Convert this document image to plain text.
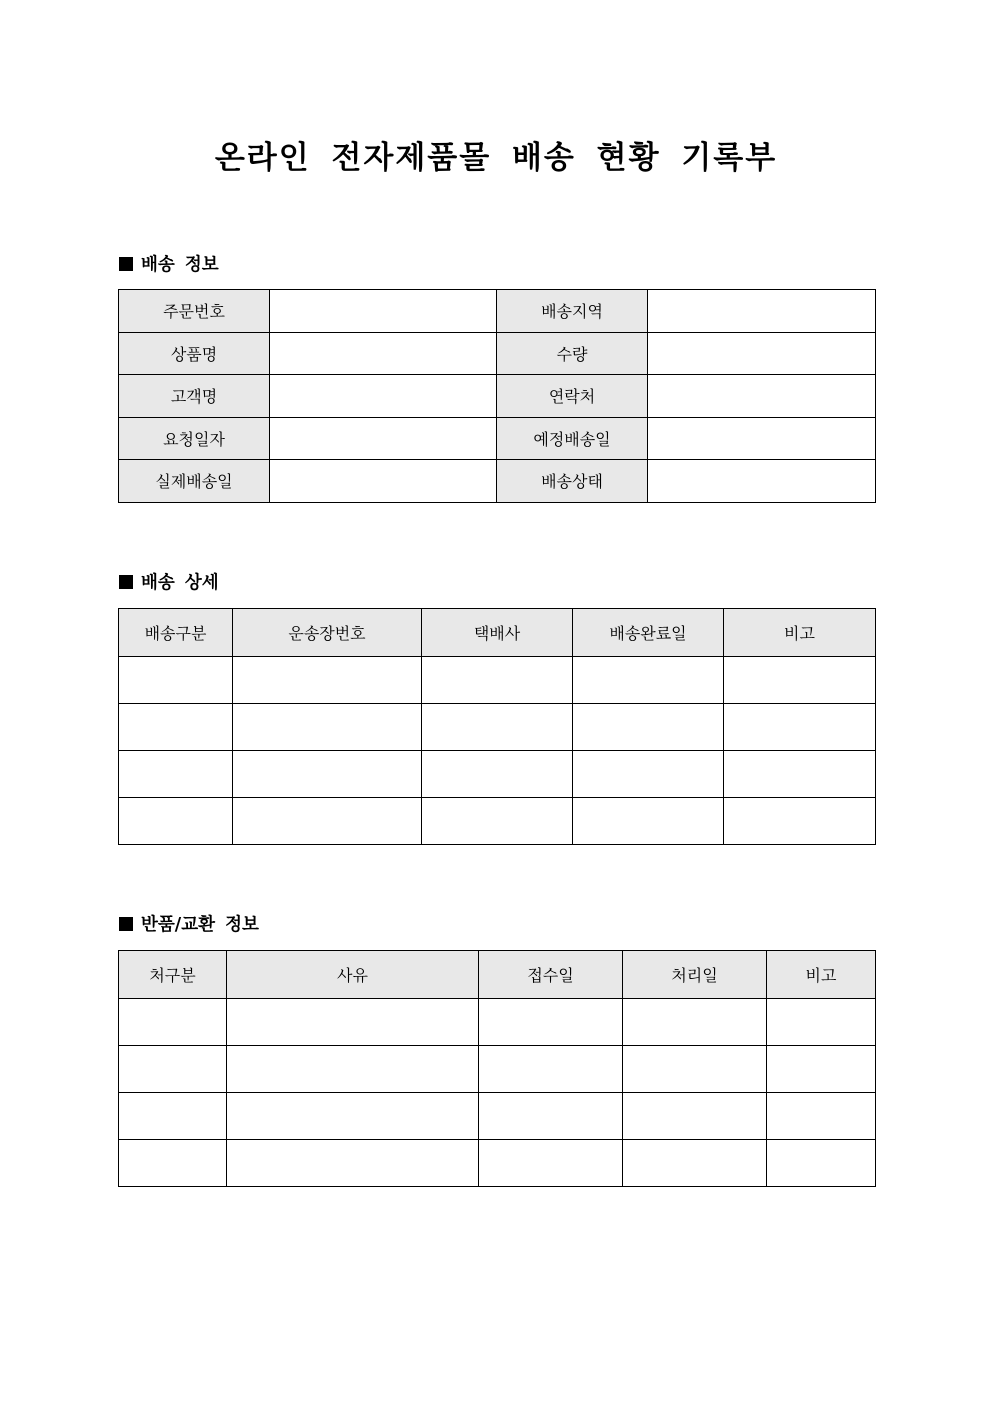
온라인 전자제품몰 배송 현황 기록부
배송 정보
주문번호		배송지역	
상품명		수량	
고객명		연락처	
요청일자		예정배송일	
실제배송일		배송상태	
배송 상세
배송구분	운송장번호	택배사	배송완료일	비고

반품/교환 정보
처구분	사유	접수일	처리일	비고
